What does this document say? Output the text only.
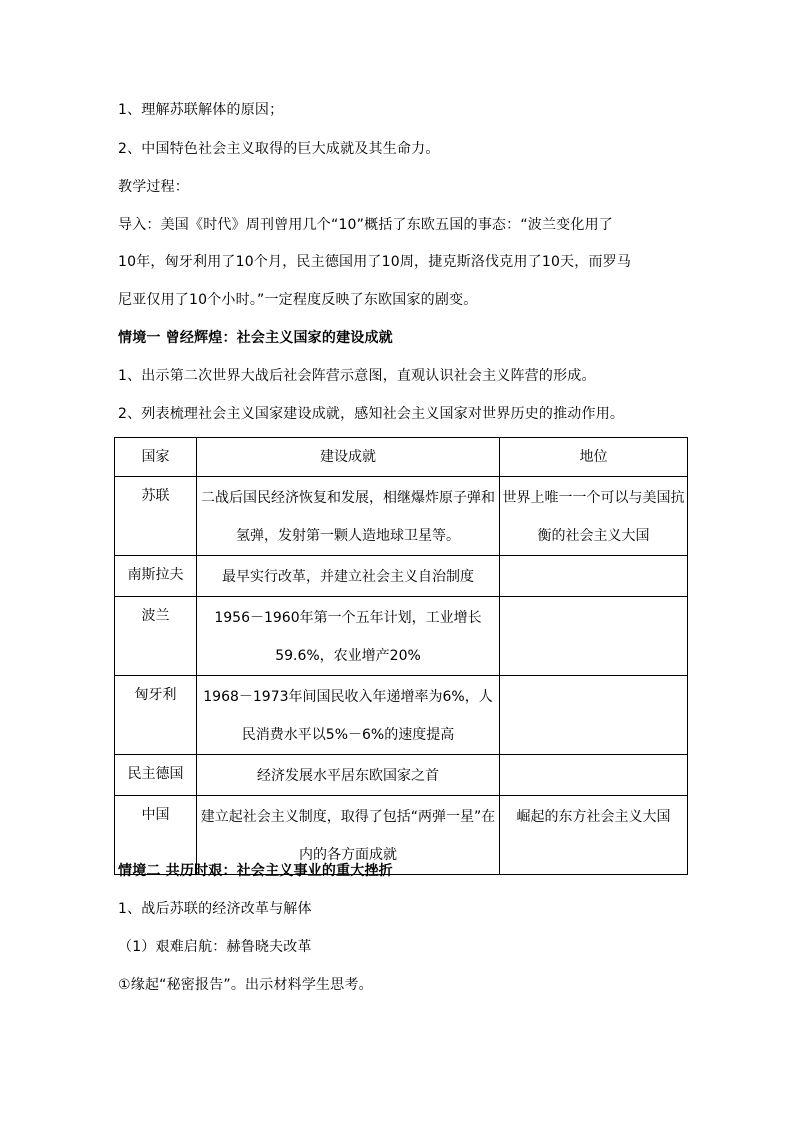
1、理解苏联解体的原因；
2、中国特色社会主义取得的巨大成就及其生命力。
教学过程：
导入：美国《时代》周刊曾用几个“10”概括了东欧五国的事态：“波兰变化用了
10年，匈牙利用了10个月，民主德国用了10周，捷克斯洛伐克用了10天，而罗马
尼亚仅用了10个小时。”一定程度反映了东欧国家的剧变。
情境一 曾经辉煌：社会主义国家的建设成就
1、出示第二次世界大战后社会阵营示意图，直观认识社会主义阵营的形成。
2、列表梳理社会主义国家建设成就，感知社会主义国家对世界历史的推动作用。
国家	建设成就	地位
苏联	二战后国民经济恢复和发展，相继爆炸原子弹和氢弹，发射第一颗人造地球卫星等。	世界上唯一一个可以与美国抗衡的社会主义大国

南斯拉夫	最早实行改革，并建立社会主义自治制度	

波兰	1956－1960年第一个五年计划，工业增长59.6%，农业增产20%	

匈牙利	1968－1973年间国民收入年递增率为6%，人民消费水平以5%－6%的速度提高	

民主德国	经济发展水平居东欧国家之首	

中国	建立起社会主义制度，取得了包括“两弹一星”在内的各方面成就	崛起的东方社会主义大国
情境二 共历时艰：社会主义事业的重大挫折
1、战后苏联的经济改革与解体
（1）艰难启航：赫鲁晓夫改革
①缘起“秘密报告”。出示材料学生思考。
